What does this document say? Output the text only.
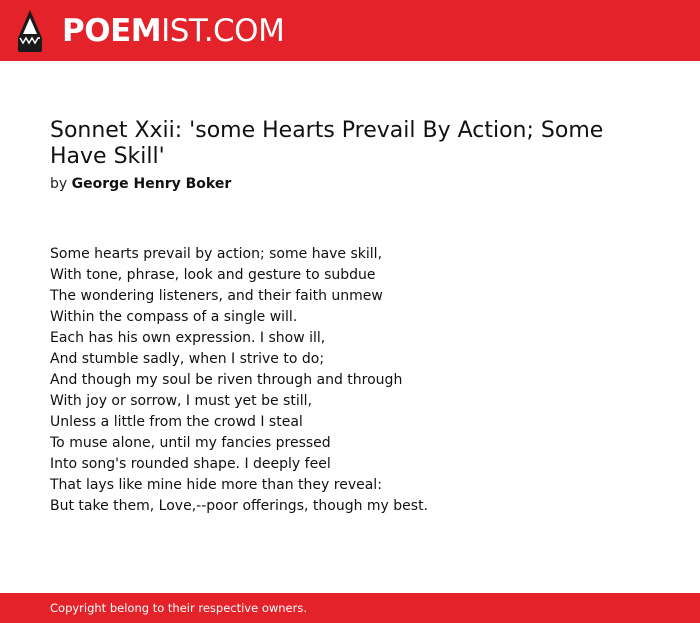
POEMIST.COM
Sonnet Xxii: 'some Hearts Prevail By Action; Some Have Skill'
by George Henry Boker
Some hearts prevail by action; some have skill,
With tone, phrase, look and gesture to subdue
The wondering listeners, and their faith unmew
Within the compass of a single will.
Each has his own expression. I show ill,
And stumble sadly, when I strive to do;
And though my soul be riven through and through
With joy or sorrow, I must yet be still,
Unless a little from the crowd I steal
To muse alone, until my fancies pressed
Into song's rounded shape. I deeply feel
That lays like mine hide more than they reveal:
But take them, Love,--poor offerings, though my best.
Copyright belong to their respective owners.
